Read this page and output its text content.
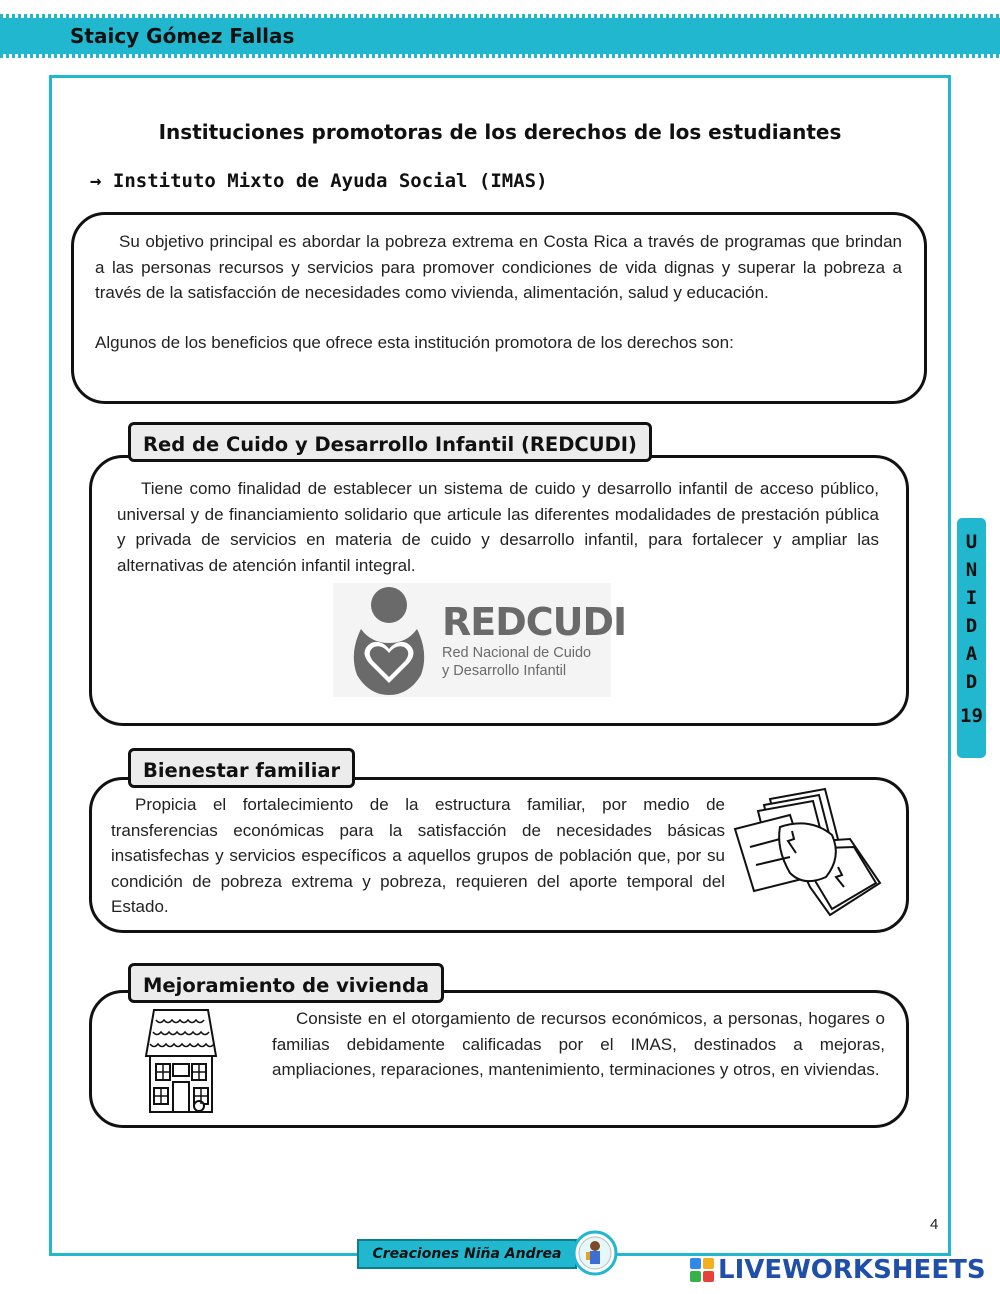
Staicy Gómez Fallas
Instituciones promotoras de los derechos de los estudiantes
→ Instituto Mixto de Ayuda Social (IMAS)

Su objetivo principal es abordar la pobreza extrema en Costa Rica a través de programas que brindan a las personas recursos y servicios para promover condiciones de vida dignas y superar la pobreza a través de la satisfacción de necesidades como vivienda, alimentación, salud y educación.

Algunos de los beneficios que ofrece esta institución promotora de los derechos son:

Red de Cuido y Desarrollo Infantil (REDCUDI)

Tiene como finalidad de establecer un sistema de cuido y desarrollo infantil de acceso público, universal y de financiamiento solidario que articule las diferentes modalidades de prestación pública y privada de servicios en materia de cuido y desarrollo infantil, para fortalecer y ampliar las alternativas de atención infantil integral.

REDCUDI
Red Nacional de Cuido
y Desarrollo Infantil
Bienestar familiar

Propicia el fortalecimiento de la estructura familiar, por medio de transferencias económicas para la satisfacción de necesidades básicas insatisfechas y servicios específicos a aquellos grupos de población que, por su condición de pobreza extrema y pobreza, requieren del aporte temporal del Estado.

Mejoramiento de vivienda

Consiste en el otorgamiento de recursos económicos, a personas, hogares o familias debidamente calificadas por el IMAS, destinados a mejoras, ampliaciones, reparaciones, mantenimiento, terminaciones y otros, en viviendas.

U
N
I
D
A
D
19
4
Creaciones Niña Andrea
LIVEWORKSHEETS
